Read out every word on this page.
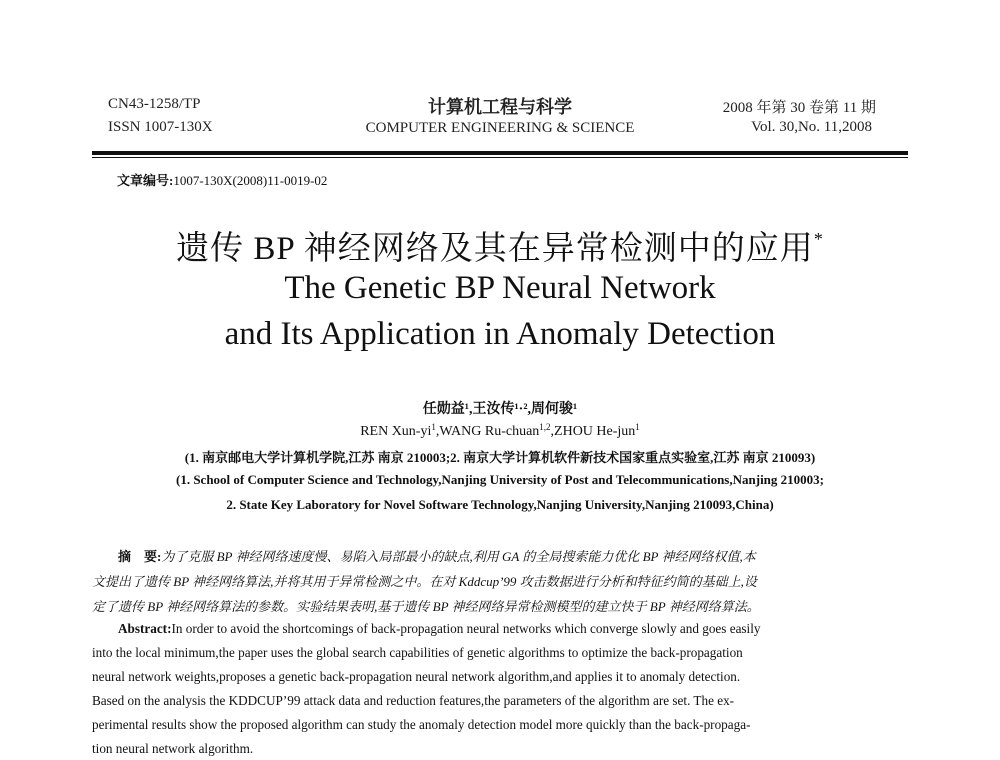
CN43-1258/TP
ISSN 1007-130X
计算机工程与科学
COMPUTER ENGINEERING & SCIENCE
2008 年第 30 卷第 11 期
Vol. 30,No. 11,2008
文章编号:1007-130X(2008)11-0019-02
遗传 BP 神经网络及其在异常检测中的应用*
The Genetic BP Neural Network
and Its Application in Anomaly Detection
任勋益¹,王汝传¹·²,周何骏¹
REN Xun-$yi^1,WANG$ Ru-chuan$^{1,2}$,ZHOU He-jun$^1$
(1. 南京邮电大学计算机学院,江苏 南京 210003;2. 南京大学计算机软件新技术国家重点实验室,江苏 南京 210093)
(1. School of Computer Science and Technology,Nanjing University of Post and Telecommunications,Nanjing 210003;
2. State Key Laboratory for Novel Software Technology,Nanjing University,Nanjing 210093,China)
摘　要:为了克服 BP 神经网络速度慢、易陷入局部最小的缺点,利用 GA 的全局搜索能力优化 BP 神经网络权值,本
文提出了遗传 BP 神经网络算法,并将其用于异常检测之中。在对 Kddcup’99 攻击数据进行分析和特征约简的基础上,设
定了遗传 BP 神经网络算法的参数。实验结果表明,基于遗传 BP 神经网络异常检测模型的建立快于 BP 神经网络算法。
Abstract:In order to avoid the shortcomings of back-propagation neural networks which converge slowly and goes easily
into the local minimum,the paper uses the global search capabilities of genetic algorithms to optimize the back-propagation
neural network weights,proposes a genetic back-propagation neural network algorithm,and applies it to anomaly detection.
Based on the analysis the KDDCUP’99 attack data and reduction features,the parameters of the algorithm are set. The ex-
perimental results show the proposed algorithm can study the anomaly detection model more quickly than the back-propaga-
tion neural network algorithm.
